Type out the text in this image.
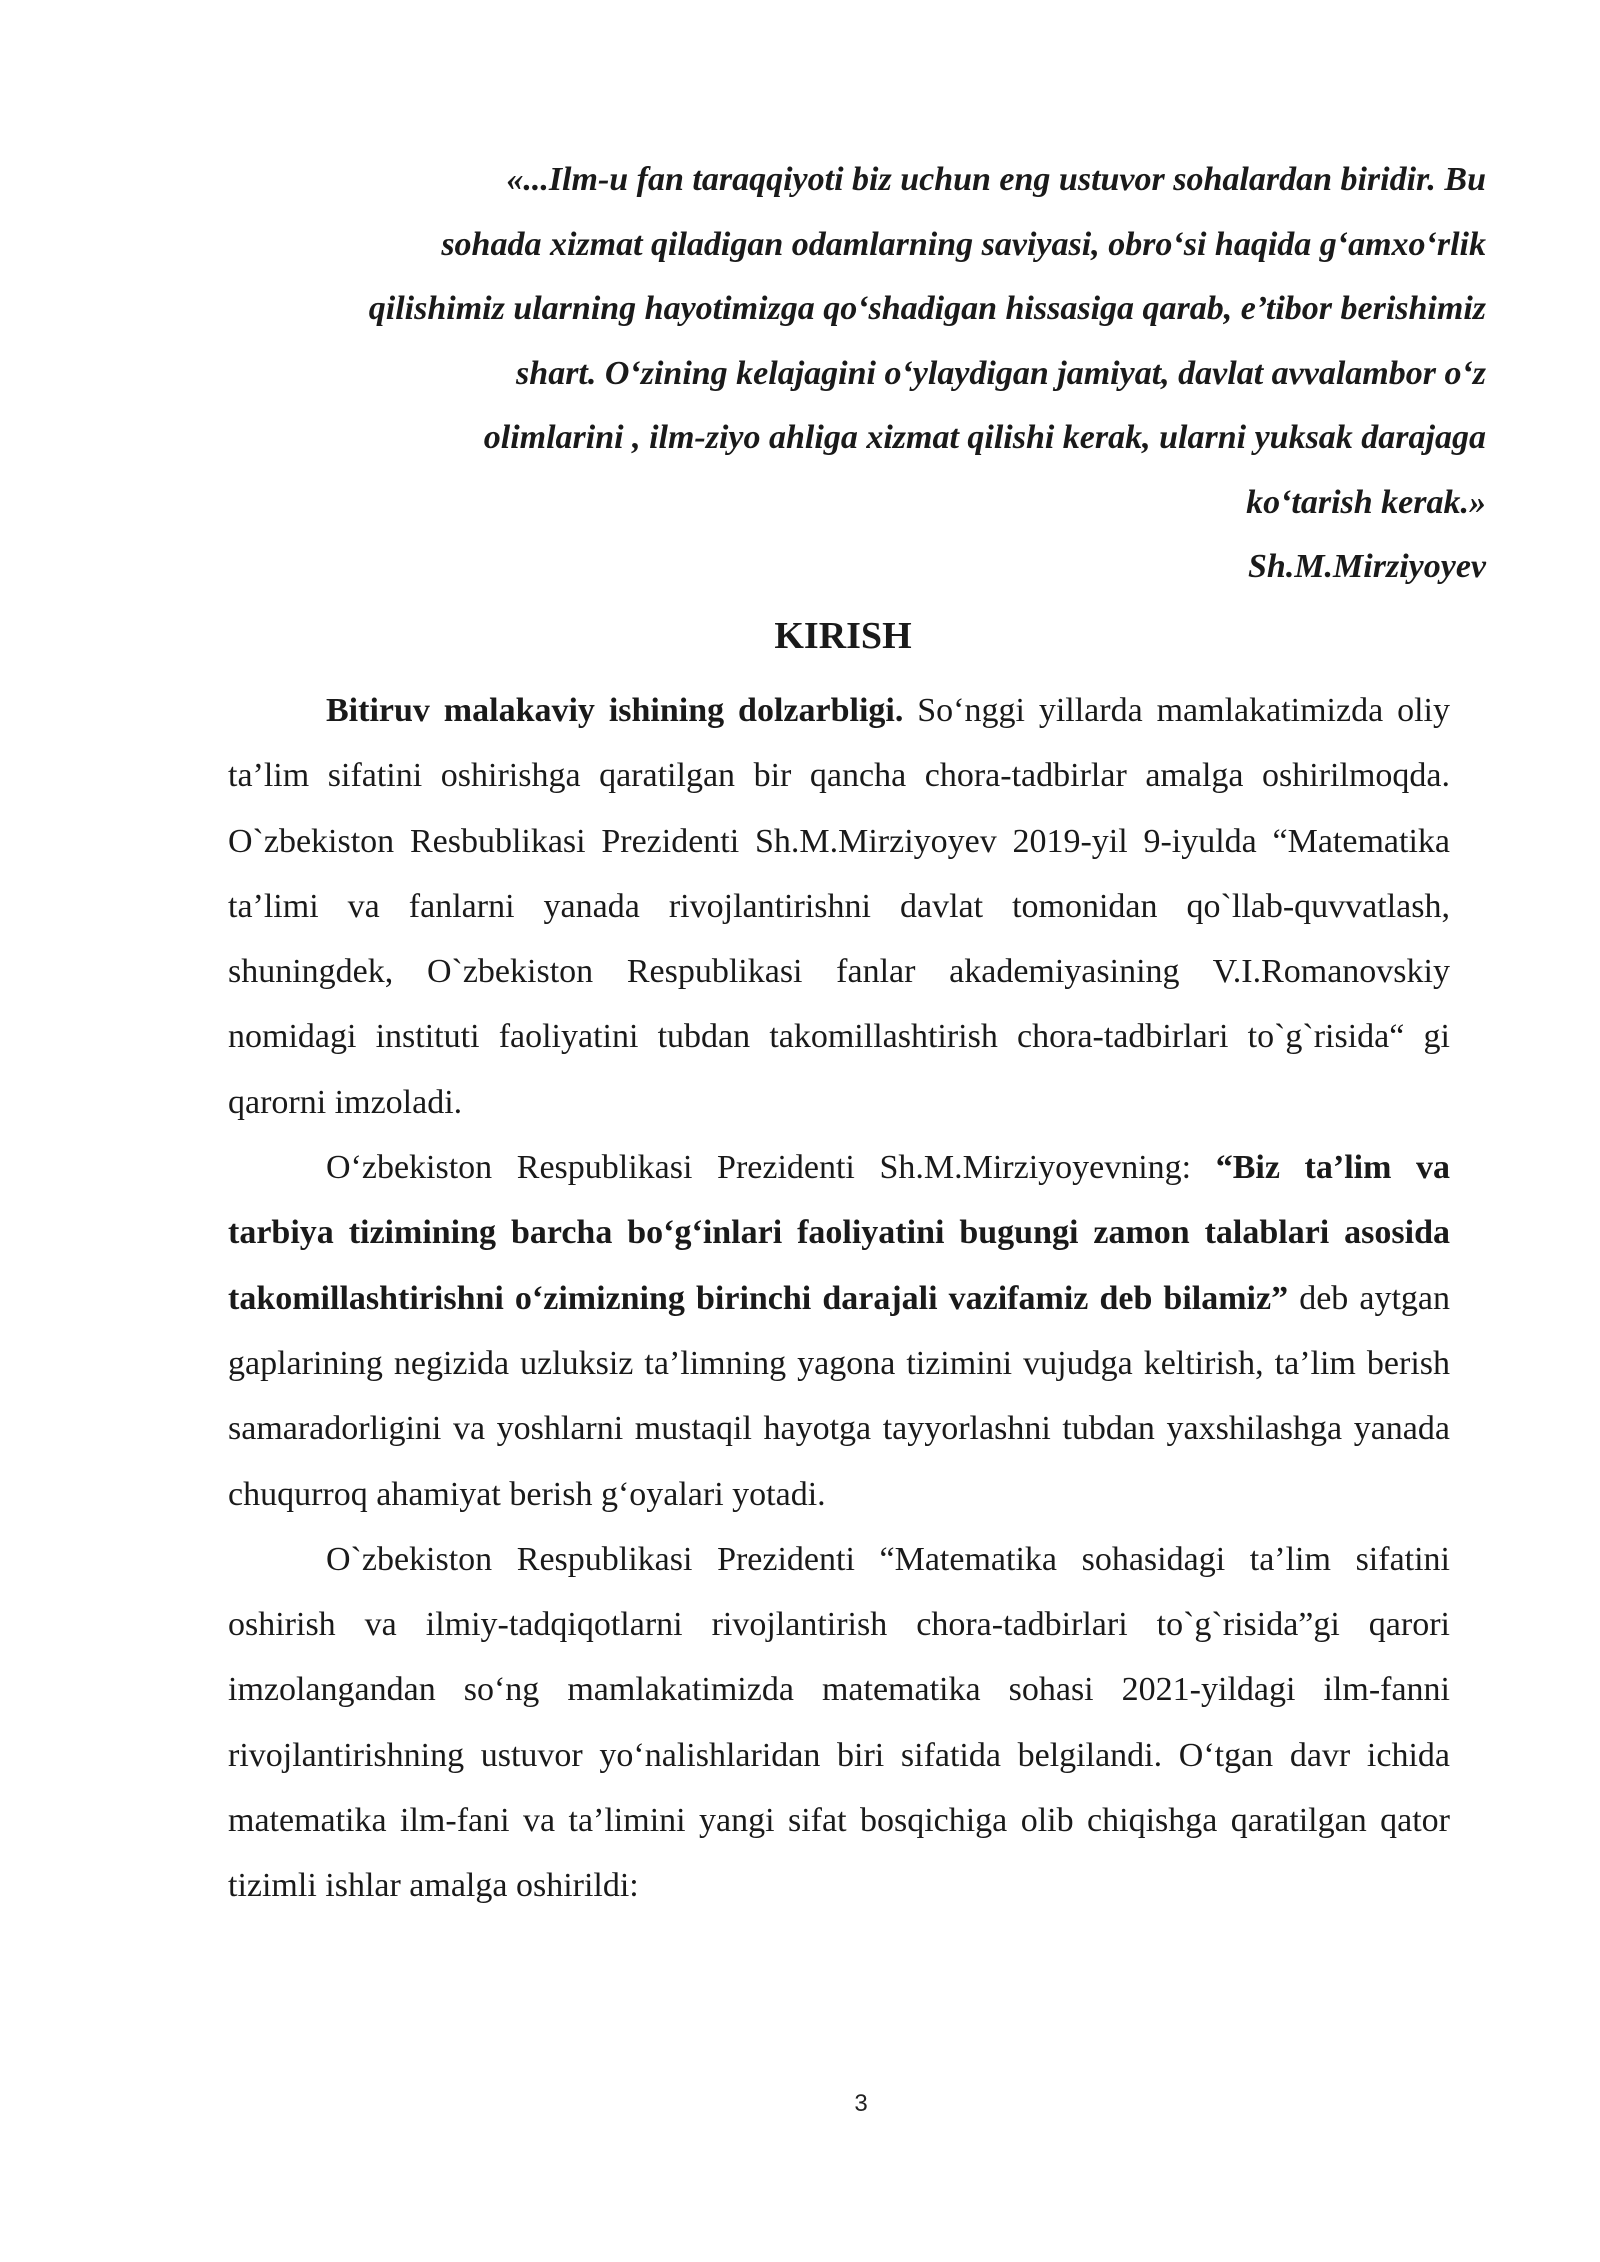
«...Ilm-u fan taraqqiyoti biz uchun eng ustuvor sohalardan biridir. Bu
sohada xizmat qiladigan odamlarning saviyasi, obro‘si haqida g‘amxo‘rlik
qilishimiz ularning hayotimizga qo‘shadigan hissasiga qarab, e’tibor berishimiz
shart. O‘zining kelajagini o‘ylaydigan jamiyat, davlat avvalambor o‘z
olimlarini , ilm-ziyo ahliga xizmat qilishi kerak, ularni yuksak darajaga
ko‘tarish kerak.»
Sh.M.Mirziyoyev
KIRISH

Bitiruv malakaviy ishining dolzarbligi. So‘nggi yillarda mamlakatimizda oliy ta’lim sifatini oshirishga qaratilgan bir qancha chora-tadbirlar amalga oshirilmoqda. O`zbekiston Resbublikasi Prezidenti Sh.M.Mirziyoyev 2019-yil 9-iyulda “Matematika ta’limi va fanlarni yanada rivojlantirishni davlat tomonidan qo`llab-quvvatlash, shuningdek, O`zbekiston Respublikasi fanlar akademiyasining V.I.Romanovskiy nomidagi instituti faoliyatini tubdan takomillashtirish chora-tadbirlari to`g`risida“ gi qarorni imzoladi.

O‘zbekiston Respublikasi Prezidenti Sh.M.Mirziyoyevning: “Biz ta’lim va tarbiya tizimining barcha bo‘g‘inlari faoliyatini bugungi zamon talablari asosida takomillashtirishni o‘zimizning birinchi darajali vazifamiz deb bilamiz” deb aytgan gaplarining negizida uzluksiz ta’limning yagona tizimini vujudga keltirish, ta’lim berish samaradorligini va yoshlarni mustaqil hayotga tayyorlashni tubdan yaxshilashga yanada chuqurroq ahamiyat berish g‘oyalari yotadi.

O`zbekiston Respublikasi Prezidenti “Matematika sohasidagi ta’lim sifatini oshirish va ilmiy-tadqiqotlarni rivojlantirish chora-tadbirlari to`g`risida”gi qarori imzolangandan so‘ng mamlakatimizda matematika sohasi 2021-yildagi ilm-fanni rivojlantirishning ustuvor yo‘nalishlaridan biri sifatida belgilandi. O‘tgan davr ichida matematika ilm-fani va ta’limini yangi sifat bosqichiga olib chiqishga qaratilgan qator tizimli ishlar amalga oshirildi:

3
